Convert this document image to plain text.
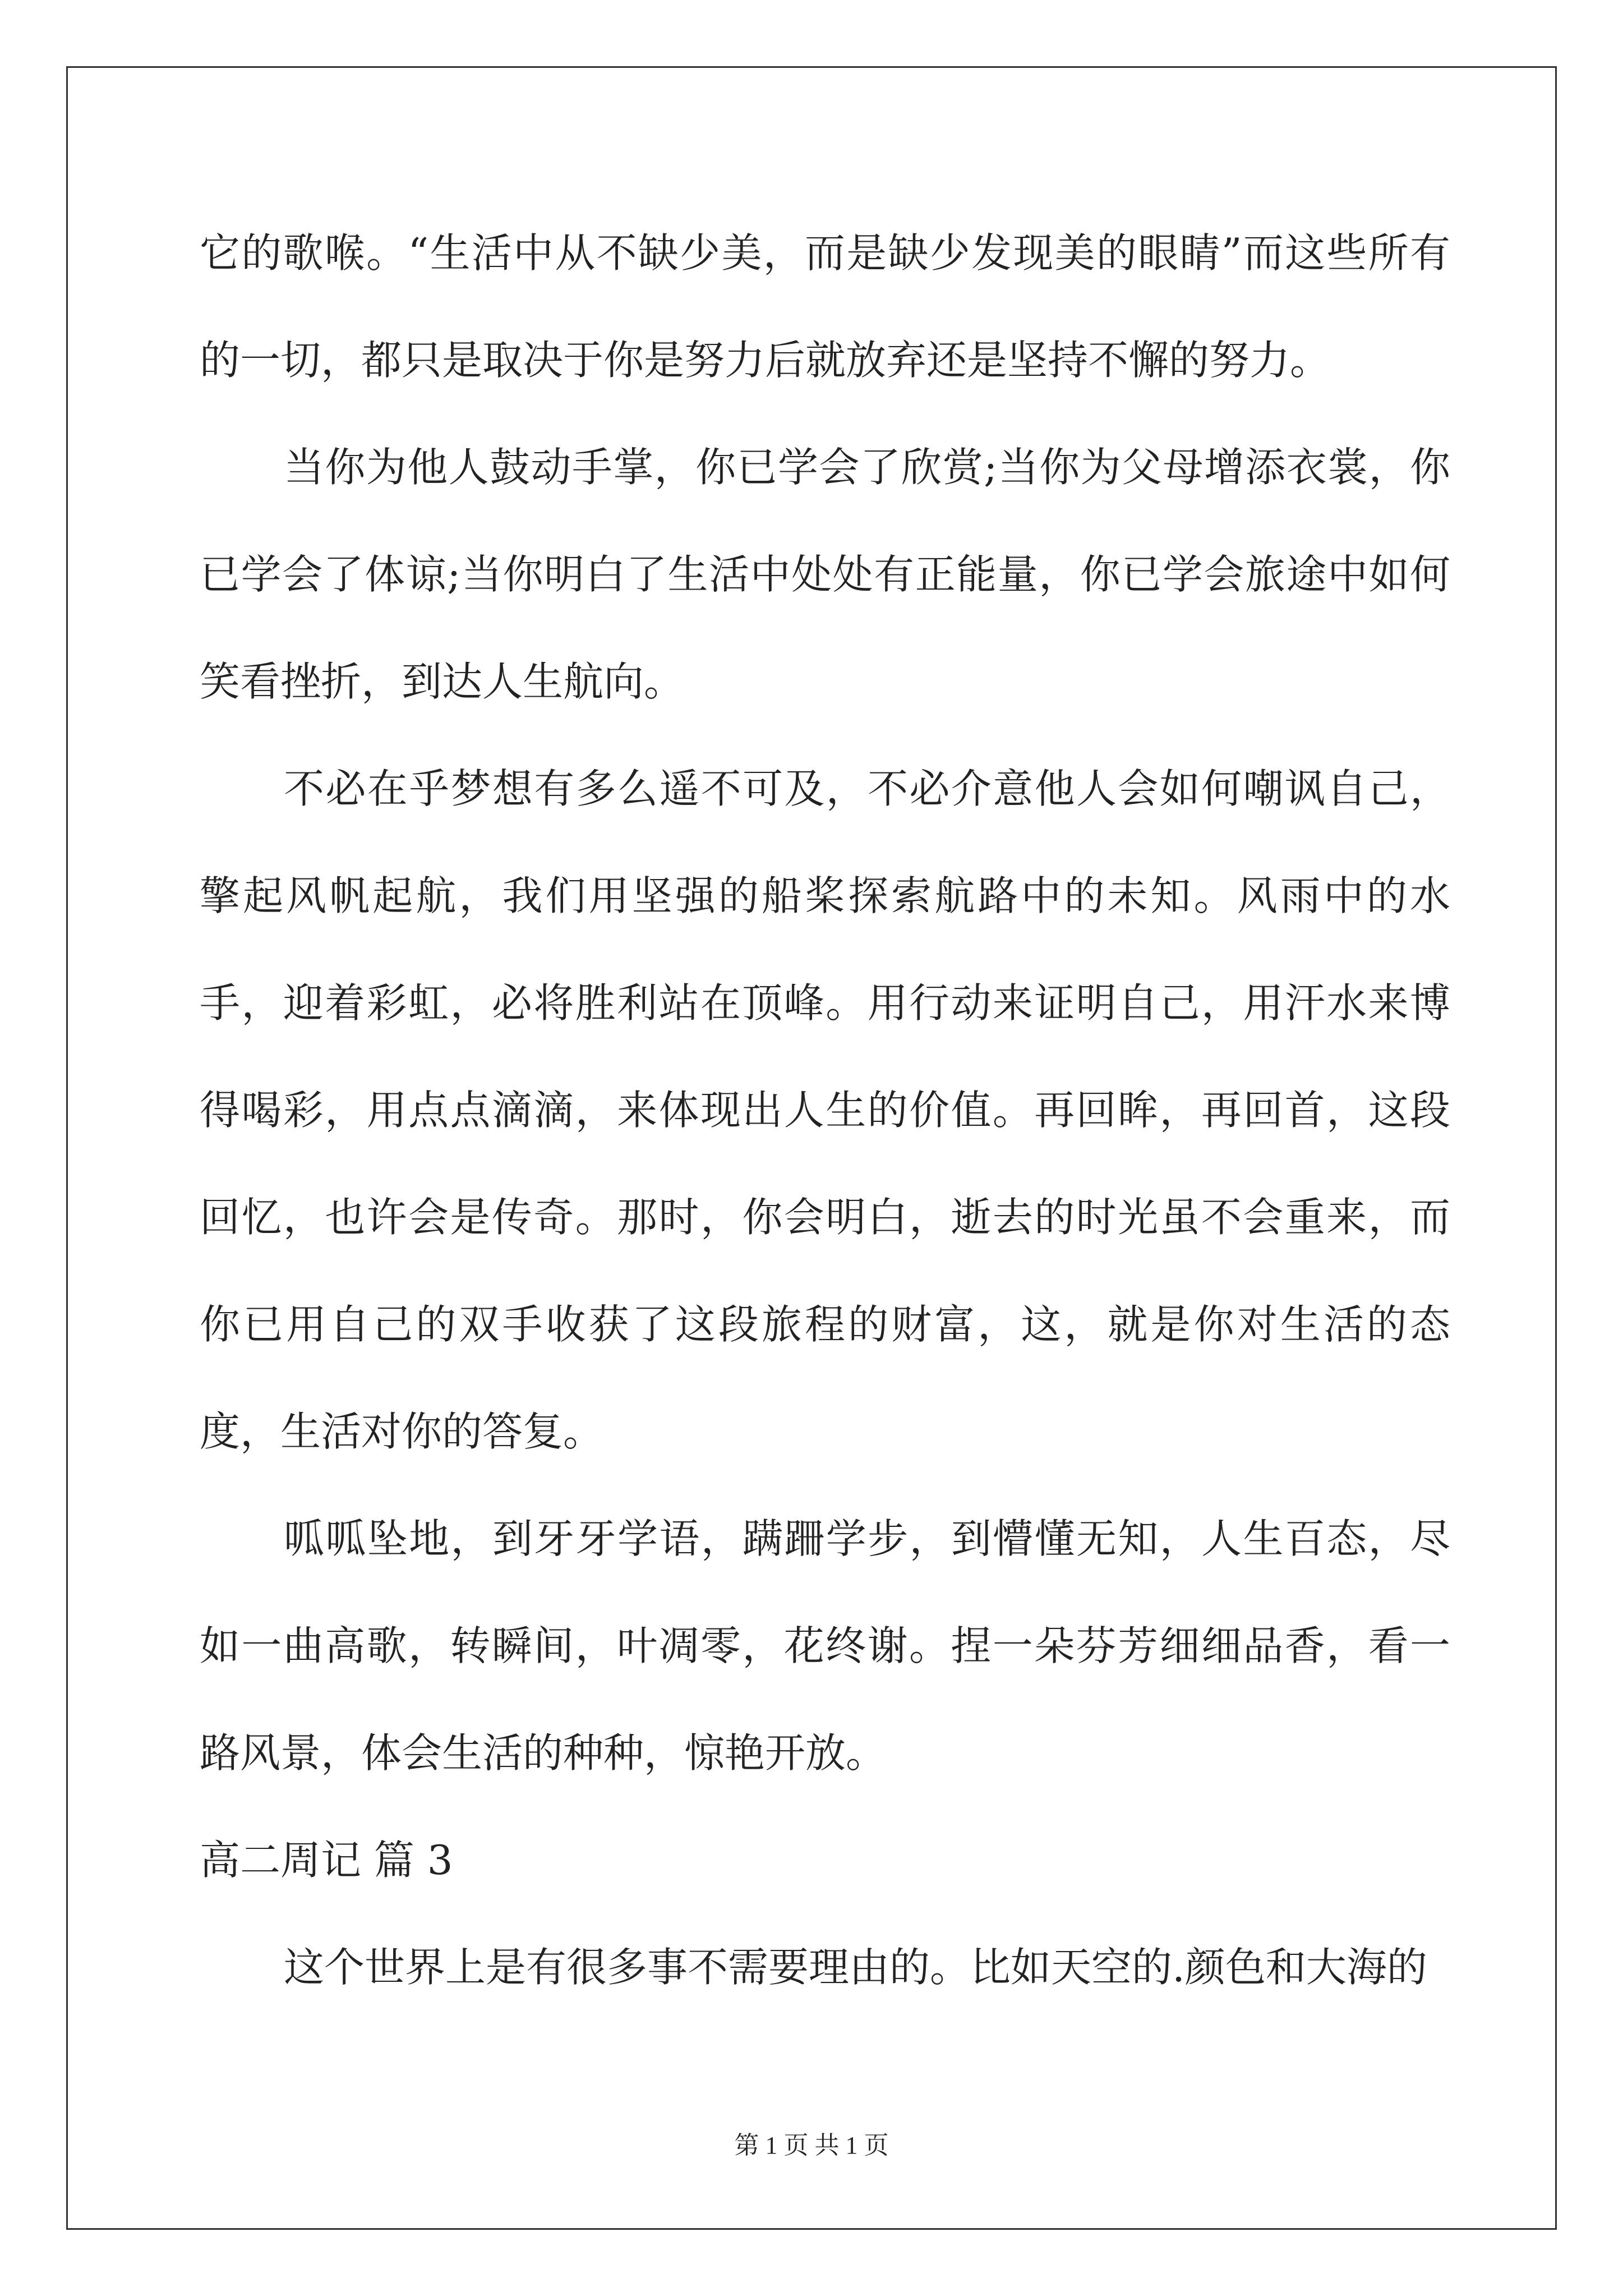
它的歌喉。“生活中从不缺少美，而是缺少发现美的眼睛”而这些所有的一切，都只是取决于你是努力后就放弃还是坚持不懈的努力。

当你为他人鼓动手掌，你已学会了欣赏;当你为父母增添衣裳，你已学会了体谅;当你明白了生活中处处有正能量，你已学会旅途中如何笑看挫折，到达人生航向。

不必在乎梦想有多么遥不可及，不必介意他人会如何嘲讽自己，擎起风帆起航，我们用坚强的船桨探索航路中的未知。风雨中的水手，迎着彩虹，必将胜利站在顶峰。用行动来证明自己，用汗水来博得喝彩，用点点滴滴，来体现出人生的价值。再回眸，再回首，这段回忆，也许会是传奇。那时，你会明白，逝去的时光虽不会重来，而你已用自己的双手收获了这段旅程的财富，这，就是你对生活的态度，生活对你的答复。

呱呱坠地，到牙牙学语，蹒跚学步，到懵懂无知，人生百态，尽如一曲高歌，转瞬间，叶凋零，花终谢。捏一朵芬芳细细品香，看一路风景，体会生活的种种，惊艳开放。

高二周记 篇 3

这个世界上是有很多事不需要理由的。比如天空的.颜色和大海的

第 1 页 共 1 页
